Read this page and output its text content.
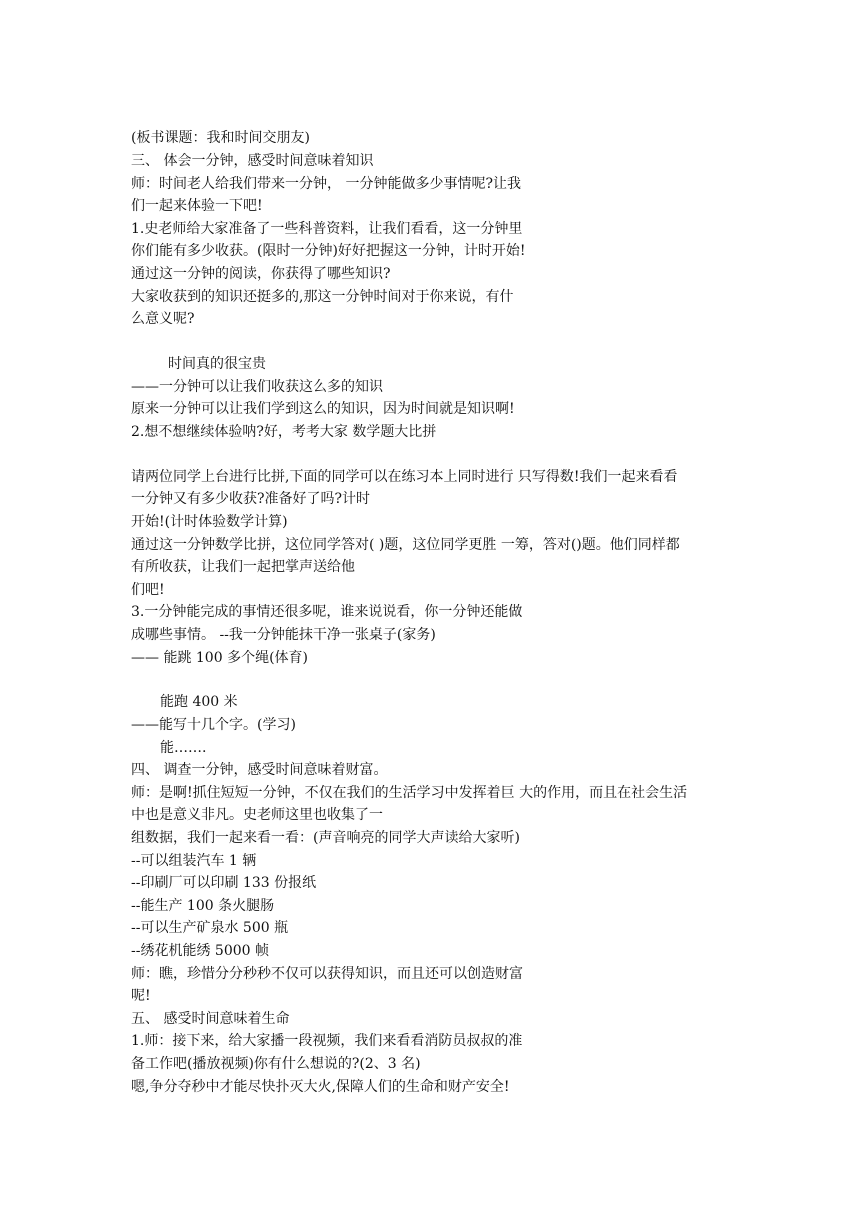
(板书课题：我和时间交朋友)
三、 体会一分钟，感受时间意味着知识
师：时间老人给我们带来一分钟， 一分钟能做多少事情呢?让我
们一起来体验一下吧!
1.史老师给大家准备了一些科普资料，让我们看看，这一分钟里
你们能有多少收获。(限时一分钟)好好把握这一分钟，计时开始!
通过这一分钟的阅读，你获得了哪些知识?
大家收获到的知识还挺多的,那这一分钟时间对于你来说，有什
么意义呢?
时间真的很宝贵
——一分钟可以让我们收获这么多的知识
原来一分钟可以让我们学到这么的知识，因为时间就是知识啊!
2.想不想继续体验呐?好，考考大家 数学题大比拼
请两位同学上台进行比拼,下面的同学可以在练习本上同时进行 只写得数!我们一起来看看
一分钟又有多少收获?准备好了吗?计时
开始!(计时体验数学计算)
通过这一分钟数学比拼，这位同学答对( )题，这位同学更胜 一筹，答对()题。他们同样都
有所收获，让我们一起把掌声送给他
们吧!
3.一分钟能完成的事情还很多呢，谁来说说看，你一分钟还能做
成哪些事情。 --我一分钟能抹干净一张桌子(家务)
—— 能跳 100 多个绳(体育)
能跑 400 米
——能写十几个字。(学习)
能…….
四、 调查一分钟，感受时间意味着财富。
师：是啊!抓住短短一分钟，不仅在我们的生活学习中发挥着巨 大的作用，而且在社会生活
中也是意义非凡。史老师这里也收集了一
组数据，我们一起来看一看：(声音响亮的同学大声读给大家听)
--可以组装汽车 1 辆
--印刷厂可以印刷 133 份报纸
--能生产 100 条火腿肠
--可以生产矿泉水 500 瓶
--绣花机能绣 5000 帧
师：瞧，珍惜分分秒秒不仅可以获得知识，而且还可以创造财富
呢!
五、 感受时间意味着生命
1.师：接下来，给大家播一段视频，我们来看看消防员叔叔的准
备工作吧(播放视频)你有什么想说的?(2、3 名)
嗯,争分夺秒中才能尽快扑灭大火,保障人们的生命和财产安全!
